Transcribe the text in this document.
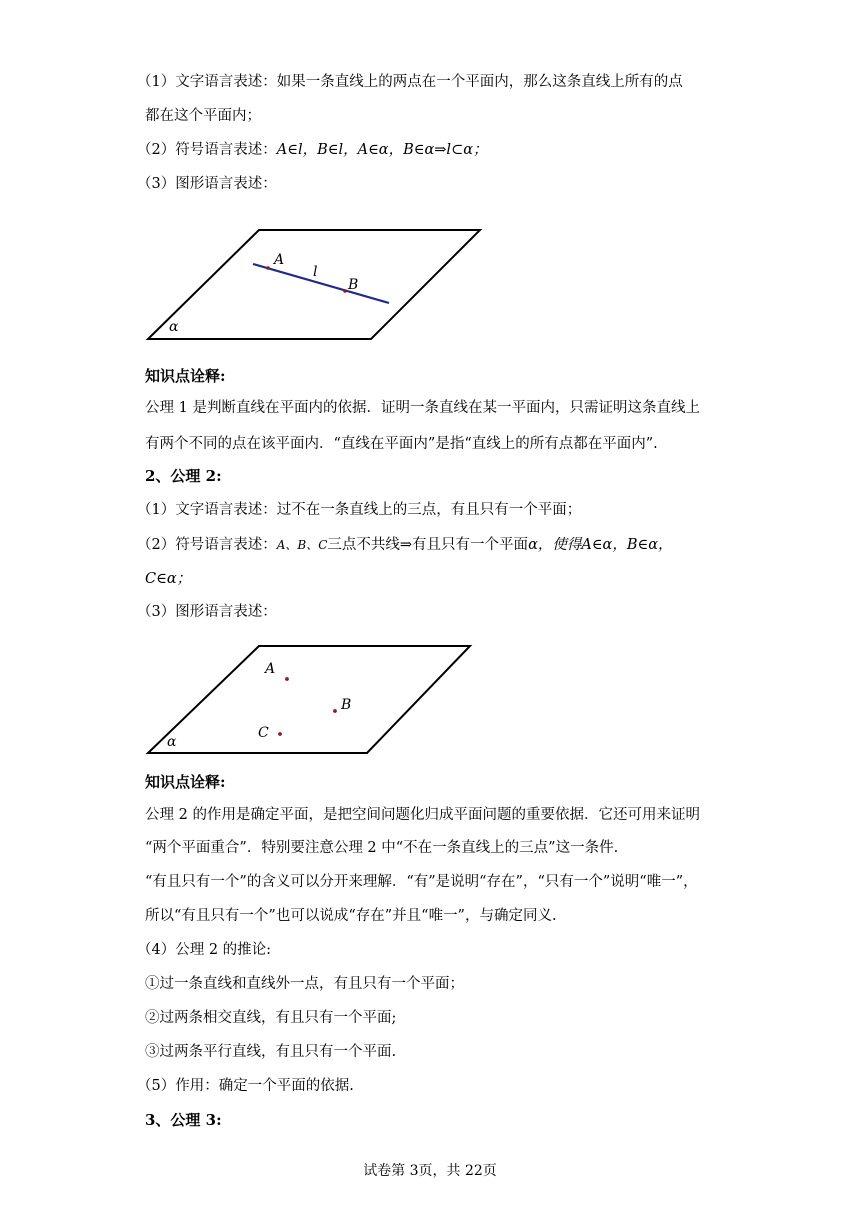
（1）文字语言表述：如果一条直线上的两点在一个平面内，那么这条直线上所有的点
都在这个平面内；
（2）符号语言表述：A∈l，B∈l，A∈α，B∈α⇒l⊂α；
（3）图形语言表述：
A
l
B
α
知识点诠释:
公理 1 是判断直线在平面内的依据．证明一条直线在某一平面内，只需证明这条直线上
有两个不同的点在该平面内．“直线在平面内”是指“直线上的所有点都在平面内”.
2、公理 2:
（1）文字语言表述：过不在一条直线上的三点，有且只有一个平面；
（2）符号语言表述：A、B、C三点不共线⇒有且只有一个平面α，使得A∈α，B∈α，
C∈α；
（3）图形语言表述：
A
B
C
α
知识点诠释:
公理 2 的作用是确定平面，是把空间问题化归成平面问题的重要依据．它还可用来证明
“两个平面重合”．特别要注意公理 2 中“不在一条直线上的三点”这一条件.
“有且只有一个”的含义可以分开来理解．“有”是说明“存在”，“只有一个”说明“唯一”，
所以“有且只有一个”也可以说成“存在”并且“唯一”，与确定同义.
（4）公理 2 的推论:
①过一条直线和直线外一点，有且只有一个平面；
②过两条相交直线，有且只有一个平面;
③过两条平行直线，有且只有一个平面.
（5）作用：确定一个平面的依据.
3、公理 3:
试卷第 3页，共 22页
